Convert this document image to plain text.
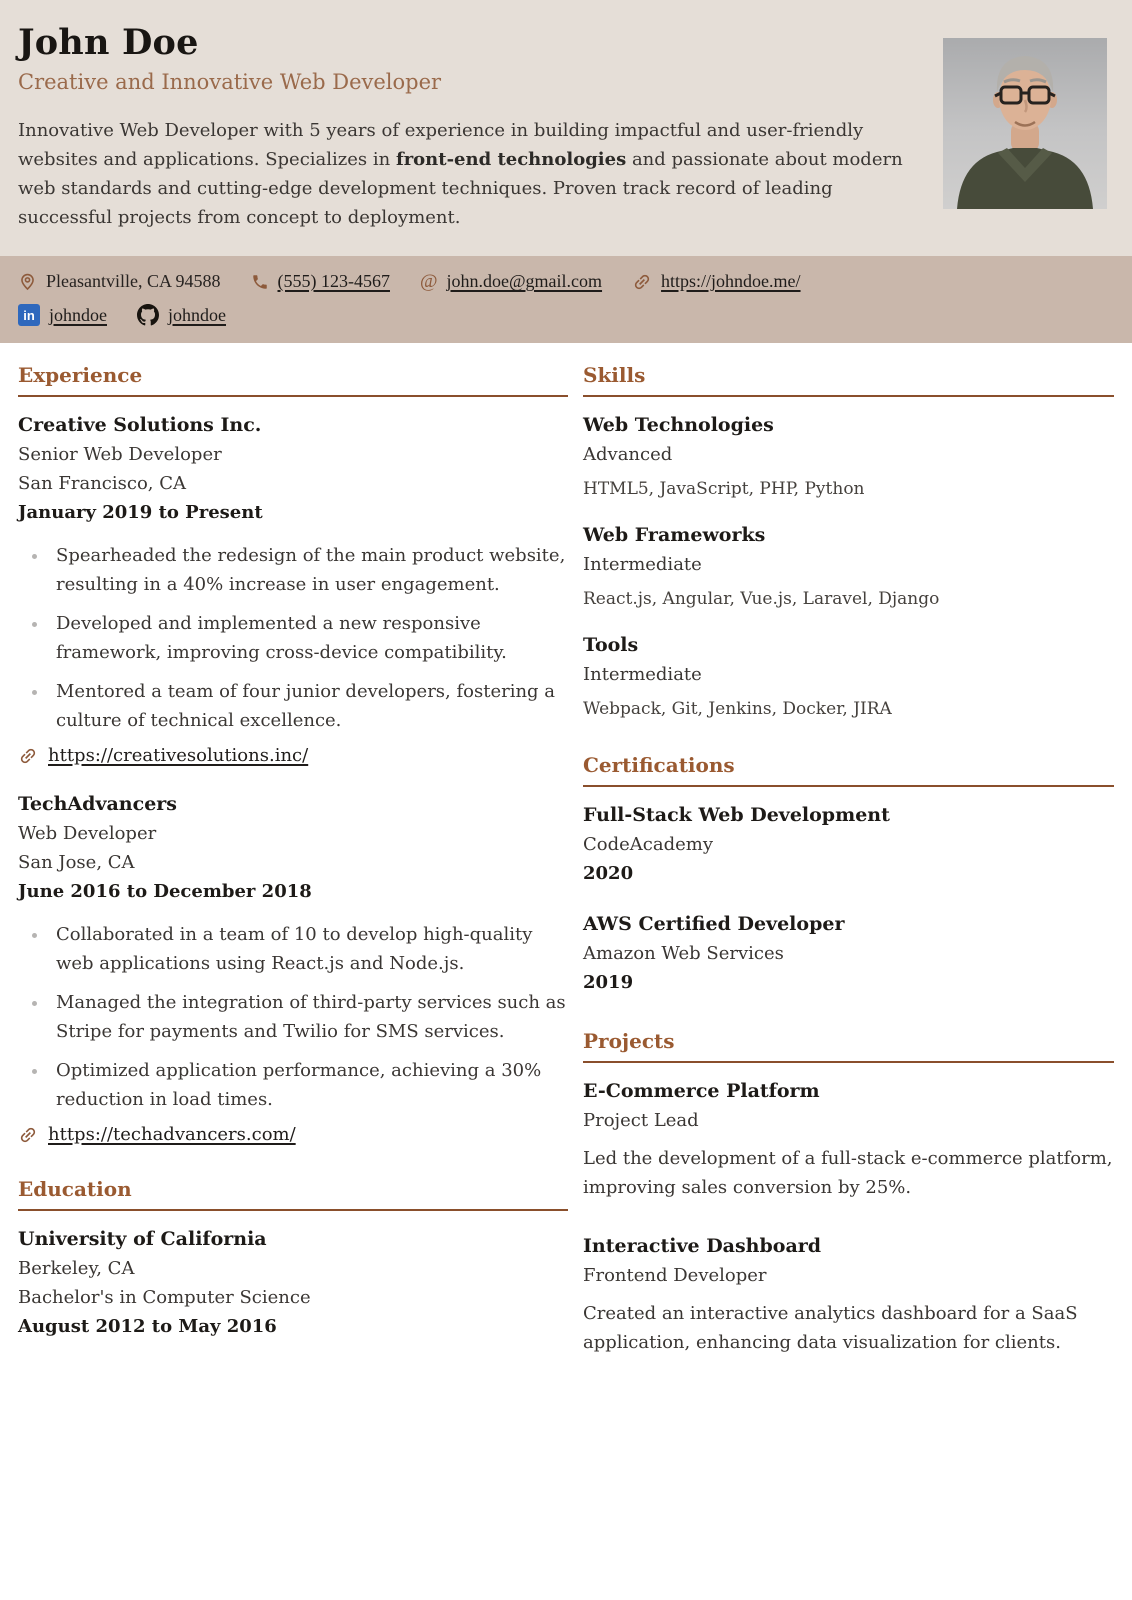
John Doe
Creative and Innovative Web Developer

Innovative Web Developer with 5 years of experience in building impactful and user-friendly websites and applications. Specializes in front-end technologies and passionate about modern web standards and cutting-edge development techniques. Proven track record of leading successful projects from concept to deployment.

Pleasantville, CA 94588	(555) 123-4567 @ john.doe@gmail.com	https://johndoe.me/
in johndoe	johndoe
Experience
Creative Solutions Inc.
Senior Web Developer
San Francisco, CA
January 2019 to Present
• Spearheaded the redesign of the main product website, resulting in a 40% increase in user engagement.
• Developed and implemented a new responsive framework, improving cross-device compatibility.
• Mentored a team of four junior developers, fostering a culture of technical excellence.
https://creativesolutions.inc/
TechAdvancers
Web Developer
San Jose, CA
June 2016 to December 2018
• Collaborated in a team of 10 to develop high-quality web applications using React.js and Node.js.
• Managed the integration of third-party services such as Stripe for payments and Twilio for SMS services.
• Optimized application performance, achieving a 30% reduction in load times.
https://techadvancers.com/
Education
University of California
Berkeley, CA
Bachelor's in Computer Science
August 2012 to May 2016
Skills
Web Technologies
Advanced
HTML5, JavaScript, PHP, Python
Web Frameworks
Intermediate
React.js, Angular, Vue.js, Laravel, Django
Tools
Intermediate
Webpack, Git, Jenkins, Docker, JIRA
Certifications
Full-Stack Web Development
CodeAcademy
2020
AWS Certified Developer
Amazon Web Services
2019
Projects
E-Commerce Platform
Project Lead

Led the development of a full-stack e-commerce platform, improving sales conversion by 25%.

Interactive Dashboard
Frontend Developer

Created an interactive analytics dashboard for a SaaS application, enhancing data visualization for clients.
